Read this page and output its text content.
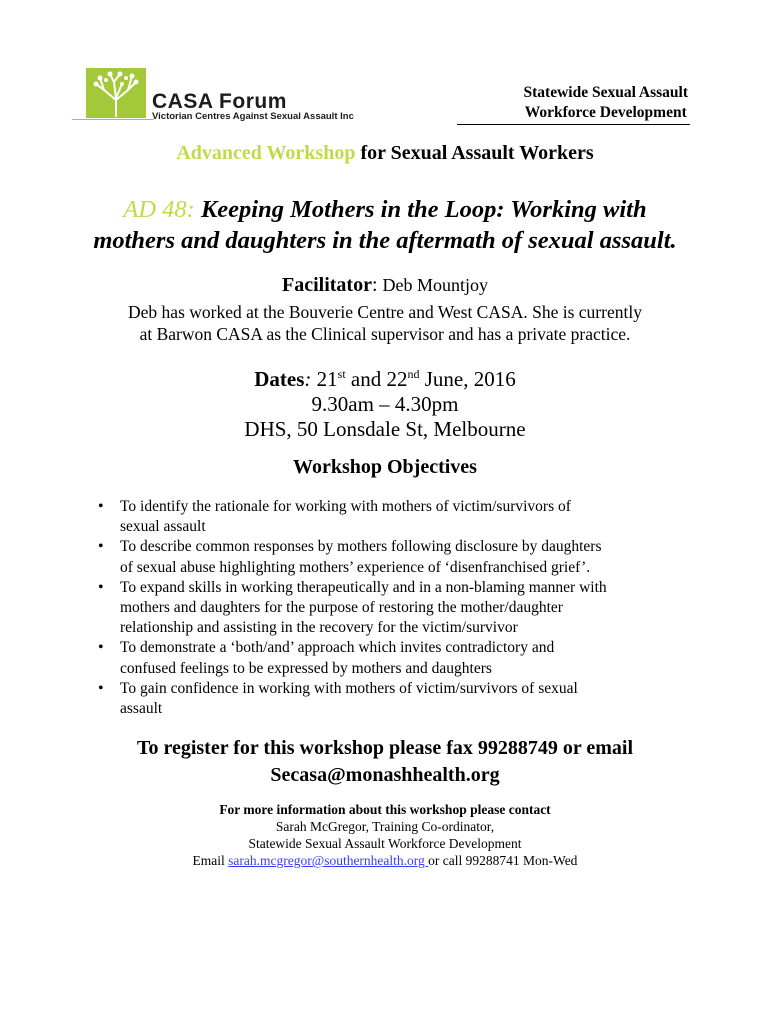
CASA Forum
Victorian Centres Against Sexual Assault Inc
Statewide Sexual Assault
Workforce Development
Advanced Workshop for Sexual Assault Workers
AD 48: Keeping Mothers in the Loop: Working with
mothers and daughters in the aftermath of sexual assault.
Facilitator: Deb Mountjoy
Deb has worked at the Bouverie Centre and West CASA. She is currently
at Barwon CASA as the Clinical supervisor and has a private practice.
Dates: 21st and 22nd June, 2016
9.30am – 4.30pm
DHS, 50 Lonsdale St, Melbourne
Workshop Objectives
• To identify the rationale for working with mothers of victim/survivors of
sexual assault
• To describe common responses by mothers following disclosure by daughters
of sexual abuse highlighting mothers’ experience of ‘disenfranchised grief’.
• To expand skills in working therapeutically and in a non-blaming manner with
mothers and daughters for the purpose of restoring the mother/daughter
relationship and assisting in the recovery for the victim/survivor
• To demonstrate a ‘both/and’ approach which invites contradictory and
confused feelings to be expressed by mothers and daughters
• To gain confidence in working with mothers of victim/survivors of sexual
assault
To register for this workshop please fax 99288749 or email
Secasa@monashhealth.org
For more information about this workshop please contact
Sarah McGregor, Training Co-ordinator,
Statewide Sexual Assault Workforce Development
Email sarah.mcgregor@southernhealth.org or call 99288741 Mon-Wed
